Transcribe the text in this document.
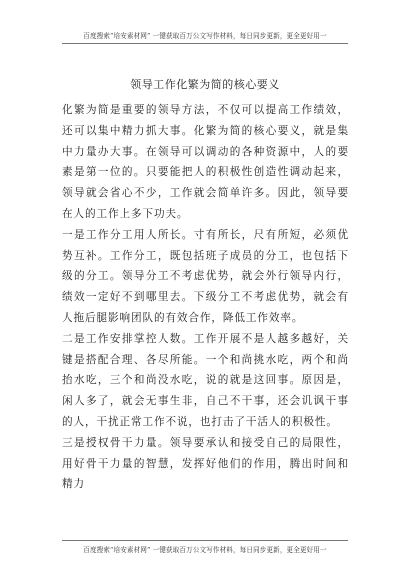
百度搜索“培安素材网” 一键获取百万公文写作材料，每日同步更新，更全更好用一
领导工作化繁为简的核心要义

化繁为简是重要的领导方法，不仅可以提高工作绩效，还可以集中精力抓大事。化繁为简的核心要义，就是集中力量办大事。在领导可以调动的各种资源中，人的要素是第一位的。只要能把人的积极性创造性调动起来，领导就会省心不少，工作就会简单许多。因此，领导要在人的工作上多下功夫。

一是工作分工用人所长。寸有所长，尺有所短，必须优势互补。工作分工，既包括班子成员的分工，也包括下级的分工。领导分工不考虑优势，就会外行领导内行，绩效一定好不到哪里去。下级分工不考虑优势，就会有人拖后腿影响团队的有效合作，降低工作效率。

二是工作安排掌控人数。工作开展不是人越多越好，关键是搭配合理、各尽所能。一个和尚挑水吃，两个和尚抬水吃，三个和尚没水吃，说的就是这回事。原因是，闲人多了，就会无事生非，自己不干事，还会讥讽干事的人，干扰正常工作不说，也打击了干活人的积极性。

三是授权骨干力量。领导要承认和接受自己的局限性，用好骨干力量的智慧，发挥好他们的作用，腾出时间和精力

百度搜索“培安素材网” 一键获取百万公文写作材料，每日同步更新，更全更好用一
